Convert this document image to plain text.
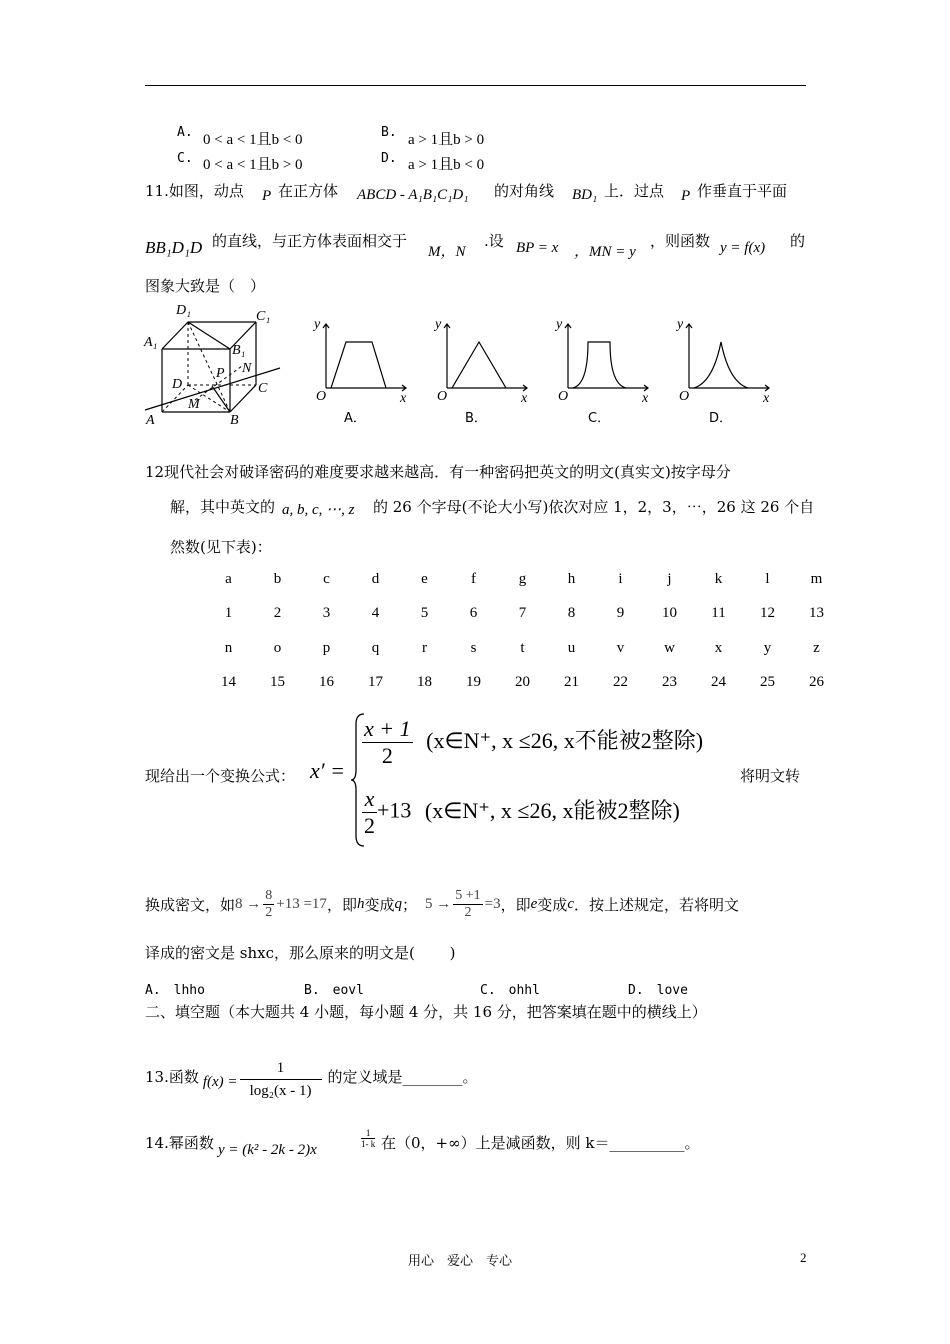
A. 0 < a < 1且b < 0	B. a > 1且b > 0
C. 0 < a < 1且b > 0	D. a > 1且b < 0
11.如图，动点 P 在正方体 ABCD - A₁B₁C₁D₁ 的对角线 BD₁ 上．过点 P 作垂直于平面
BB₁D₁D 的直线，与正方体表面相交于
M，N
.设 BP = x ，MN = y
，则函数 y = f(x) 的
图象大致是（　）
D₁	C₁
A₁
B₁
N
P
D	C
M
A	B
y
O	x
A．
y
O	x
B．
y
O	x
C．
y
O	x
D．
12现代社会对破译密码的难度要求越来越高．有一种密码把英文的明文(真实文)按字母分
解，其中英文的 a, b, c, ⋯, z 的 26 个字母(不论大小写)依次对应 1，2，3，⋯，26 这 26 个自
然数(见下表)：
a	b	c	d	e	f	g	h	i	j	k	l	m
1	2	3	4	5	6	7	8	9	10	11	12	13
n	o	p	q	r	s	t	u	v	w	x	y	z
14	15	16	17	18	19	20	21	22	23	24	25	26
现给出一个变换公式： x′ =
$\frac{x + 1}{2}$ (x∈N⁺, x ≤26, x不能被2整除)
$\frac{x}{2} +13$ (x∈N⁺, x ≤26, x能被2整除)
将明文转
换成密文，如 $8 \to \frac{8}{2} +13 =17$ ，即 h 变成 q ； $5 \to \frac{5 +1}{2} =3$ ，即 e 变成 c ．按上述规定，若将明文
译成的密文是 shxc，那么原来的明文是(　　 )
A.　lhho	B.　eovl	C.　ohhl	D.　love
二、填空题（本大题共 4 小题，每小题 4 分，共 16 分，把答案填在题中的横线上）
13.函数 $f(x) = \frac{1}{\text{log₂(x - 1)}}$ 的定义域是________。
14.幂函数 y = (k² - 2k - 2)x
$\frac{1}{1- k}$ 在（0，+∞）上是减函数，则 k＝__________。
用心　爱心　专心	2
